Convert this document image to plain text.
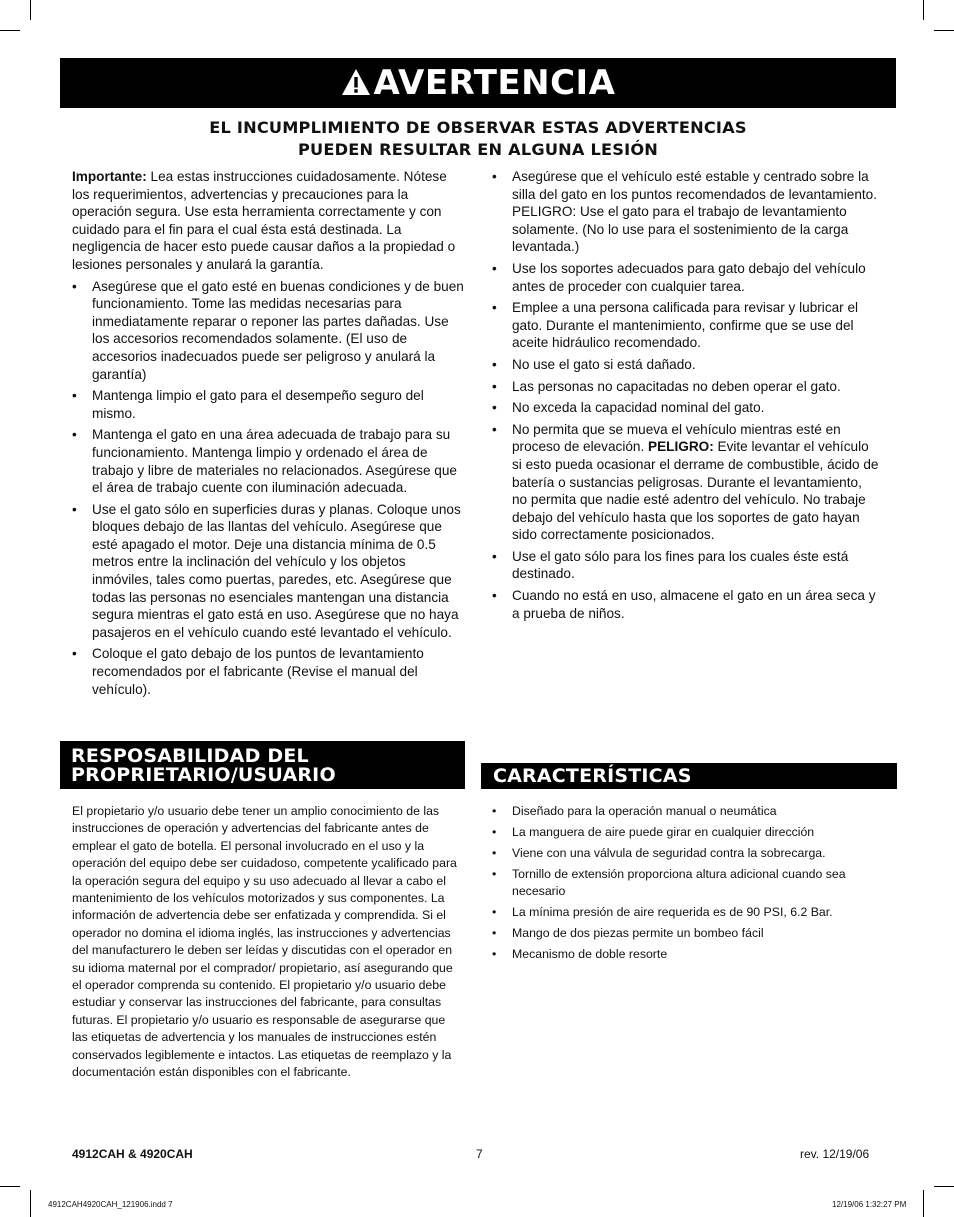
AVERTENCIA
EL INCUMPLIMIENTO DE OBSERVAR ESTAS ADVERTENCIAS
PUEDEN RESULTAR EN ALGUNA LESIÓN

Importante: Lea estas instrucciones cuidadosamente. Nótese los requerimientos, advertencias y precauciones para la operación segura. Use esta herramienta correctamente y con cuidado para el fin para el cual ésta está destinada. La negligencia de hacer esto puede causar daños a la propiedad o lesiones personales y anulará la garantía.

• Asegúrese que el gato esté en buenas condiciones y de buen funcionamiento. Tome las medidas necesarias para inmediatamente reparar o reponer las partes dañadas. Use los accesorios recomendados solamente. (El uso de accesorios inadecuados puede ser peligroso y anulará la garantía)
• Mantenga limpio el gato para el desempeño seguro del mismo.
• Mantenga el gato en una área adecuada de trabajo para su funcionamiento. Mantenga limpio y ordenado el área de trabajo y libre de materiales no relacionados. Asegúrese que el área de trabajo cuente con iluminación adecuada.
• Use el gato sólo en superficies duras y planas. Coloque unos bloques debajo de las llantas del vehículo. Asegúrese que esté apagado el motor. Deje una distancia mínima de 0.5 metros entre la inclinación del vehículo y los objetos inmóviles, tales como puertas, paredes, etc. Asegúrese que todas las personas no esenciales mantengan una distancia segura mientras el gato está en uso. Asegúrese que no haya pasajeros en el vehículo cuando esté levantado el vehículo.
• Coloque el gato debajo de los puntos de levantamiento recomendados por el fabricante (Revise el manual del vehículo).
• Asegúrese que el vehículo esté estable y centrado sobre la silla del gato en los puntos recomendados de levantamiento. PELIGRO: Use el gato para el trabajo de levantamiento solamente. (No lo use para el sostenimiento de la carga levantada.)
• Use los soportes adecuados para gato debajo del vehículo antes de proceder con cualquier tarea.
• Emplee a una persona calificada para revisar y lubricar el gato. Durante el mantenimiento, confirme que se use del aceite hidráulico recomendado.
• No use el gato si está dañado.
• Las personas no capacitadas no deben operar el gato.
• No exceda la capacidad nominal del gato.
• No permita que se mueva el vehículo mientras esté en proceso de elevación. PELIGRO: Evite levantar el vehículo si esto pueda ocasionar el derrame de combustible, ácido de batería o sustancias peligrosas. Durante el levantamiento, no permita que nadie esté adentro del vehículo. No trabaje debajo del vehículo hasta que los soportes de gato hayan sido correctamente posicionados.
• Use el gato sólo para los fines para los cuales éste está destinado.
• Cuando no está en uso, almacene el gato en un área seca y a prueba de niños.
RESPOSABILIDAD DEL
PROPRIETARIO/USUARIO
El propietario y/o usuario debe tener un amplio conocimiento de las instrucciones de operación y advertencias del fabricante antes de emplear el gato de botella. El personal involucrado en el uso y la operación del equipo debe ser cuidadoso, competente ycalificado para la operación segura del equipo y su uso adecuado al llevar a cabo el mantenimiento de los vehículos motorizados y sus componentes. La información de advertencia debe ser enfatizada y comprendida. Si el operador no domina el idioma inglés, las instrucciones y advertencias del manufacturero le deben ser leídas y discutidas con el operador en su idioma maternal por el comprador/ propietario, así asegurando que el operador comprenda su contenido. El propietario y/o usuario debe estudiar y conservar las instrucciones del fabricante, para consultas futuras. El propietario y/o usuario es responsable de asegurarse que las etiquetas de advertencia y los manuales de instrucciones estén conservados legiblemente e intactos. Las etiquetas de reemplazo y la documentación están disponibles con el fabricante.
CARACTERÍSTICAS
• Diseñado para la operación manual o neumática
• La manguera de aire puede girar en cualquier dirección
• Viene con una válvula de seguridad contra la sobrecarga.
• Tornillo de extensión proporciona altura adicional cuando sea necesario
• La mínima presión de aire requerida es de 90 PSI, 6.2 Bar.
• Mango de dos piezas permite un bombeo fácil
• Mecanismo de doble resorte
4912CAH & 4920CAH	7	rev. 12/19/06
4912CAH4920CAH_121906.indd 7	12/19/06 1:32:27 PM
